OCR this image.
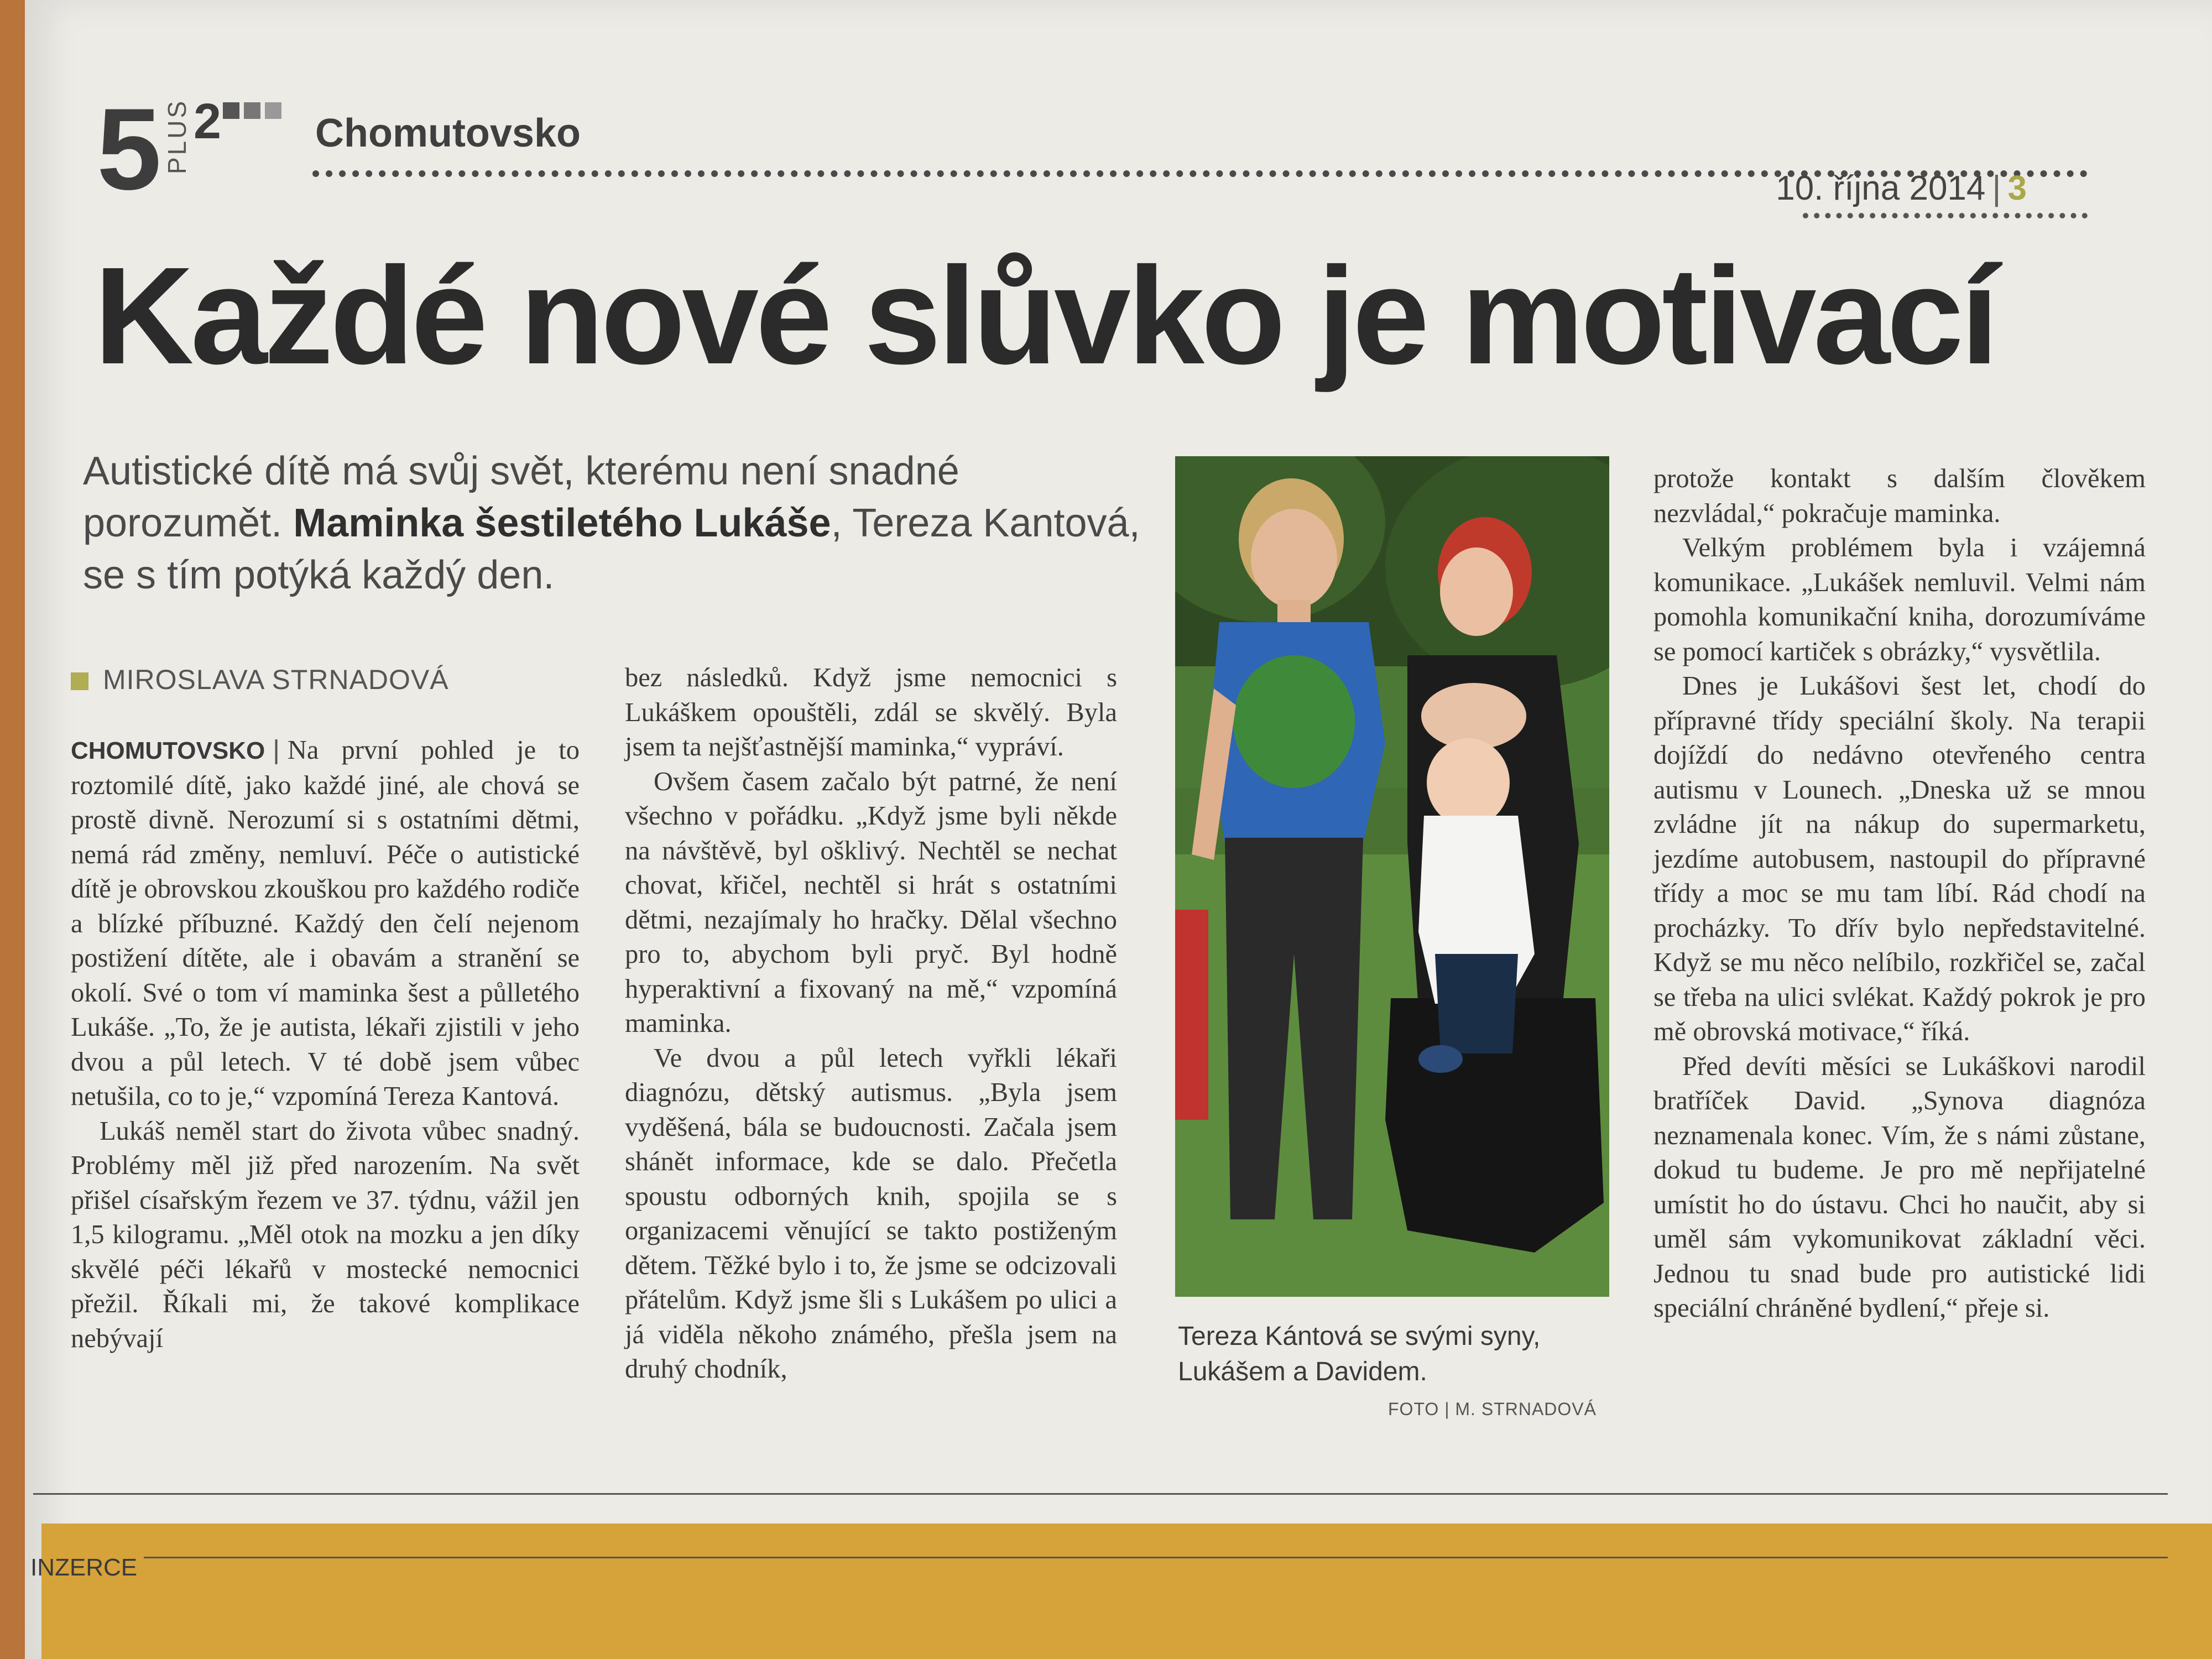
5 PLUS 2 Chomutovsko
10. října 2014 | 3
Každé nové slůvko je motivací
Autistické dítě má svůj svět, kterému není snadné porozumět. Maminka šestiletého Lukáše, Tereza Kantová, se s tím potýká každý den.
MIROSLAVA STRNADOVÁ

CHOMUTOVSKO | Na první pohled je to roztomilé dítě, jako každé jiné, ale chová se prostě divně. Nerozumí si s ostatními dětmi, nemá rád změny, nemluví. Péče o autistické dítě je obrovskou zkouškou pro každého rodiče a blízké příbuzné. Každý den čelí nejenom postižení dítěte, ale i obavám a stranění se okolí. Své o tom ví maminka šest a půlletého Lukáše. „To, že je autista, lékaři zjistili v jeho dvou a půl letech. V té době jsem vůbec netušila, co to je,“ vzpomíná Tereza Kantová.

Lukáš neměl start do života vůbec snadný. Problémy měl již před narozením. Na svět přišel císařským řezem ve 37. týdnu, vážil jen 1,5 kilogramu. „Měl otok na mozku a jen díky skvělé péči lékařů v mostecké nemocnici přežil. Říkali mi, že takové komplikace nebývají

bez následků. Když jsme nemocnici s Lukáškem opouštěli, zdál se skvělý. Byla jsem ta nejšťastnější maminka,“ vypráví.

Ovšem časem začalo být patrné, že není všechno v pořádku. „Když jsme byli někde na návštěvě, byl ošklivý. Nechtěl se nechat chovat, křičel, nechtěl si hrát s ostatními dětmi, nezajímaly ho hračky. Dělal všechno pro to, abychom byli pryč. Byl hodně hyperaktivní a fixovaný na mě,“ vzpomíná maminka.

Ve dvou a půl letech vyřkli lékaři diagnózu, dětský autismus. „Byla jsem vyděšená, bála se budoucnosti. Začala jsem shánět informace, kde se dalo. Přečetla spoustu odborných knih, spojila se s organizacemi věnující se takto postiženým dětem. Těžké bylo i to, že jsme se odcizovali přátelům. Když jsme šli s Lukášem po ulici a já viděla někoho známého, přešla jsem na druhý chodník,

Tereza Kántová se svými syny, Lukášem a Davidem.
FOTO | M. STRNADOVÁ

protože kontakt s dalším člověkem nezvládal,“ pokračuje maminka.

Velkým problémem byla i vzájemná komunikace. „Lukášek nemluvil. Velmi nám pomohla komunikační kniha, dorozumíváme se pomocí kartiček s obrázky,“ vysvětlila.

Dnes je Lukášovi šest let, chodí do přípravné třídy speciální školy. Na terapii dojíždí do nedávno otevřeného centra autismu v Lounech. „Dneska už se mnou zvládne jít na nákup do supermarketu, jezdíme autobusem, nastoupil do přípravné třídy a moc se mu tam líbí. Rád chodí na procházky. To dřív bylo nepředstavitelné. Když se mu něco nelíbilo, rozkřičel se, začal se třeba na ulici svlékat. Každý pokrok je pro mě obrovská motivace,“ říká.

Před devíti měsíci se Lukáškovi narodil bratříček David. „Synova diagnóza neznamenala konec. Vím, že s námi zůstane, dokud tu budeme. Je pro mě nepřijatelné umístit ho do ústavu. Chci ho naučit, aby si uměl sám vykomunikovat základní věci. Jednou tu snad bude pro autistické lidi speciální chráněné bydlení,“ přeje si.

INZERCE
